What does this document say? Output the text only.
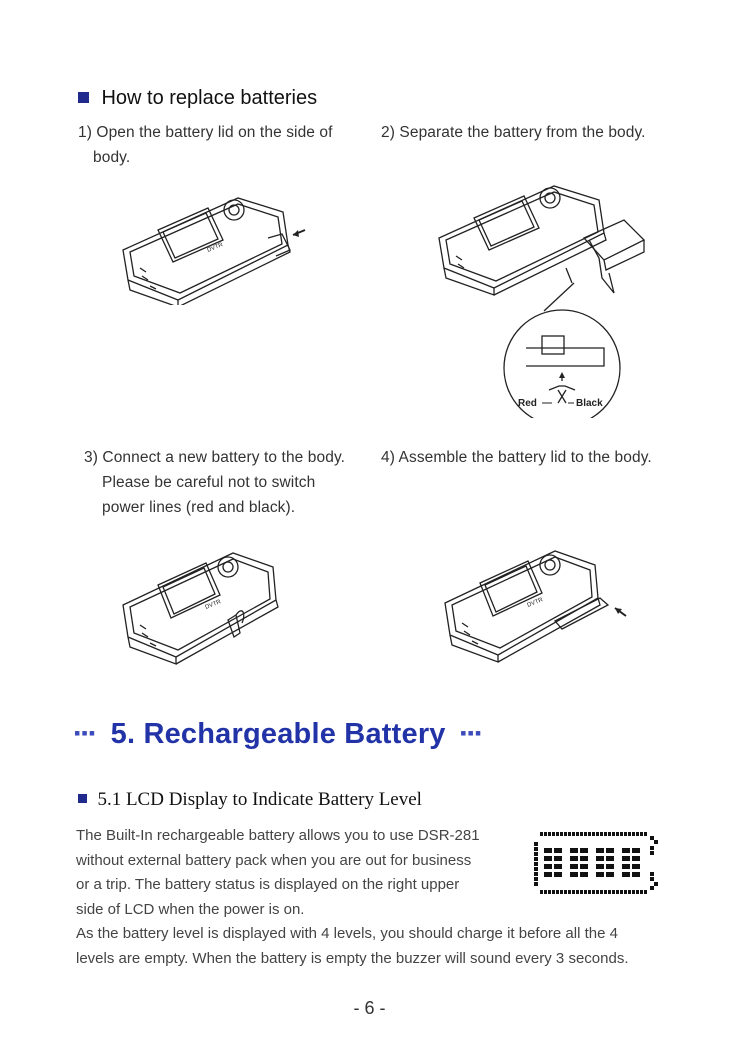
How to replace batteries
1) Open the battery lid on the side of
body.
2) Separate the battery from the body.
DVTR
Red	Black
3) Connect a new battery to the body.
Please be careful not to switch
power lines (red and black).
4) Assemble the battery lid to the body.
DVTR	DVTR
▪▪▪ 5. Rechargeable Battery ▪▪▪
5.1 LCD Display to Indicate Battery Level
The Built-In rechargeable battery allows you to use DSR-281
without external battery pack when you are out for business
or a trip. The battery status is displayed on the right upper
side of LCD when the power is on.
As the battery level is displayed with 4 levels, you should charge it before all the 4
levels are empty. When the battery is empty the buzzer will sound every 3 seconds.
- 6 -
